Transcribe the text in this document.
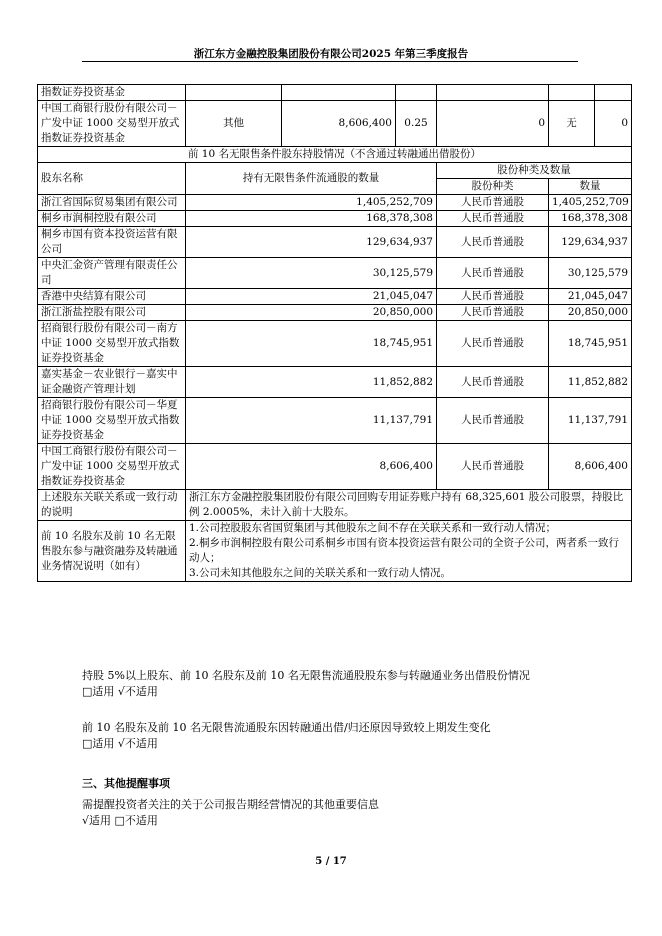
浙江东方金融控股集团股份有限公司2025 年第三季度报告
指数证券投资基金						
中国工商银行股份有限公司－广发中证 1000 交易型开放式指数证券投资基金	其他	8,606,400	0.25	0	无	0
前 10 名无限售条件股东持股情况（不含通过转融通出借股份）						
股东名称	持有无限售条件流通股的数量			股份种类及数量		
				股份种类	数量	
浙江省国际贸易集团有限公司	1,405,252,709			人民币普通股	1,405,252,709	
桐乡市润桐控股有限公司	168,378,308			人民币普通股	168,378,308	
桐乡市国有资本投资运营有限公司	129,634,937			人民币普通股	129,634,937	
中央汇金资产管理有限责任公司	30,125,579			人民币普通股	30,125,579	
香港中央结算有限公司	21,045,047			人民币普通股	21,045,047	
浙江浙盐控股有限公司	20,850,000			人民币普通股	20,850,000	
招商银行股份有限公司－南方中证 1000 交易型开放式指数证券投资基金	18,745,951			人民币普通股	18,745,951	
嘉实基金－农业银行－嘉实中证金融资产管理计划	11,852,882			人民币普通股	11,852,882	
招商银行股份有限公司－华夏中证 1000 交易型开放式指数证券投资基金	11,137,791			人民币普通股	11,137,791	
中国工商银行股份有限公司－广发中证 1000 交易型开放式指数证券投资基金	8,606,400			人民币普通股	8,606,400	
上述股东关联关系或一致行动的说明	浙江东方金融控股集团股份有限公司回购专用证券账户持有 68,325,601 股公司股票，持股比例 2.0005%，未计入前十大股东。					
前 10 名股东及前 10 名无限售股东参与融资融券及转融通业务情况说明（如有）	1.公司控股股东省国贸集团与其他股东之间不存在关联关系和一致行动人情况；
2.桐乡市润桐控股有限公司系桐乡市国有资本投资运营有限公司的全资子公司，两者系一致行动人；
3.公司未知其他股东之间的关联关系和一致行动人情况。					
持股 5%以上股东、前 10 名股东及前 10 名无限售流通股股东参与转融通业务出借股份情况
□适用 √不适用
前 10 名股东及前 10 名无限售流通股东因转融通出借/归还原因导致较上期发生变化
□适用 √不适用
三、其他提醒事项
需提醒投资者关注的关于公司报告期经营情况的其他重要信息
√适用 □不适用
5 / 17
